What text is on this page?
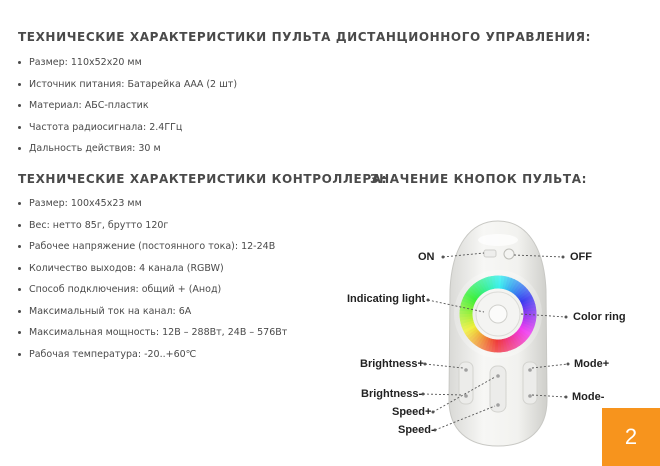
ТЕХНИЧЕСКИЕ ХАРАКТЕРИСТИКИ ПУЛЬТА ДИСТАНЦИОННОГО УПРАВЛЕНИЯ:
Размер: 110x52x20 мм
Источник питания: Батарейка ААА (2 шт)
Материал: АБС-пластик
Частота радиосигнала: 2.4ГГц
Дальность действия: 30 м
ТЕХНИЧЕСКИЕ ХАРАКТЕРИСТИКИ КОНТРОЛЛЕРА:
Размер: 100x45x23 мм
Вес: нетто 85г, брутто 120г
Рабочее напряжение (постоянного тока): 12-24В
Количество выходов: 4 канала (RGBW)
Способ подключения: общий + (Анод)
Максимальный ток на канал: 6А
Максимальная мощность: 12В – 288Вт, 24В – 576Вт
Рабочая температура: -20..+60℃
ЗНАЧЕНИЕ КНОПОК ПУЛЬТА:
ON	OFF
Indicating light
Color ring
Brightness+	Mode+
Brightness-	Mode-
Speed+
Speed-	2
